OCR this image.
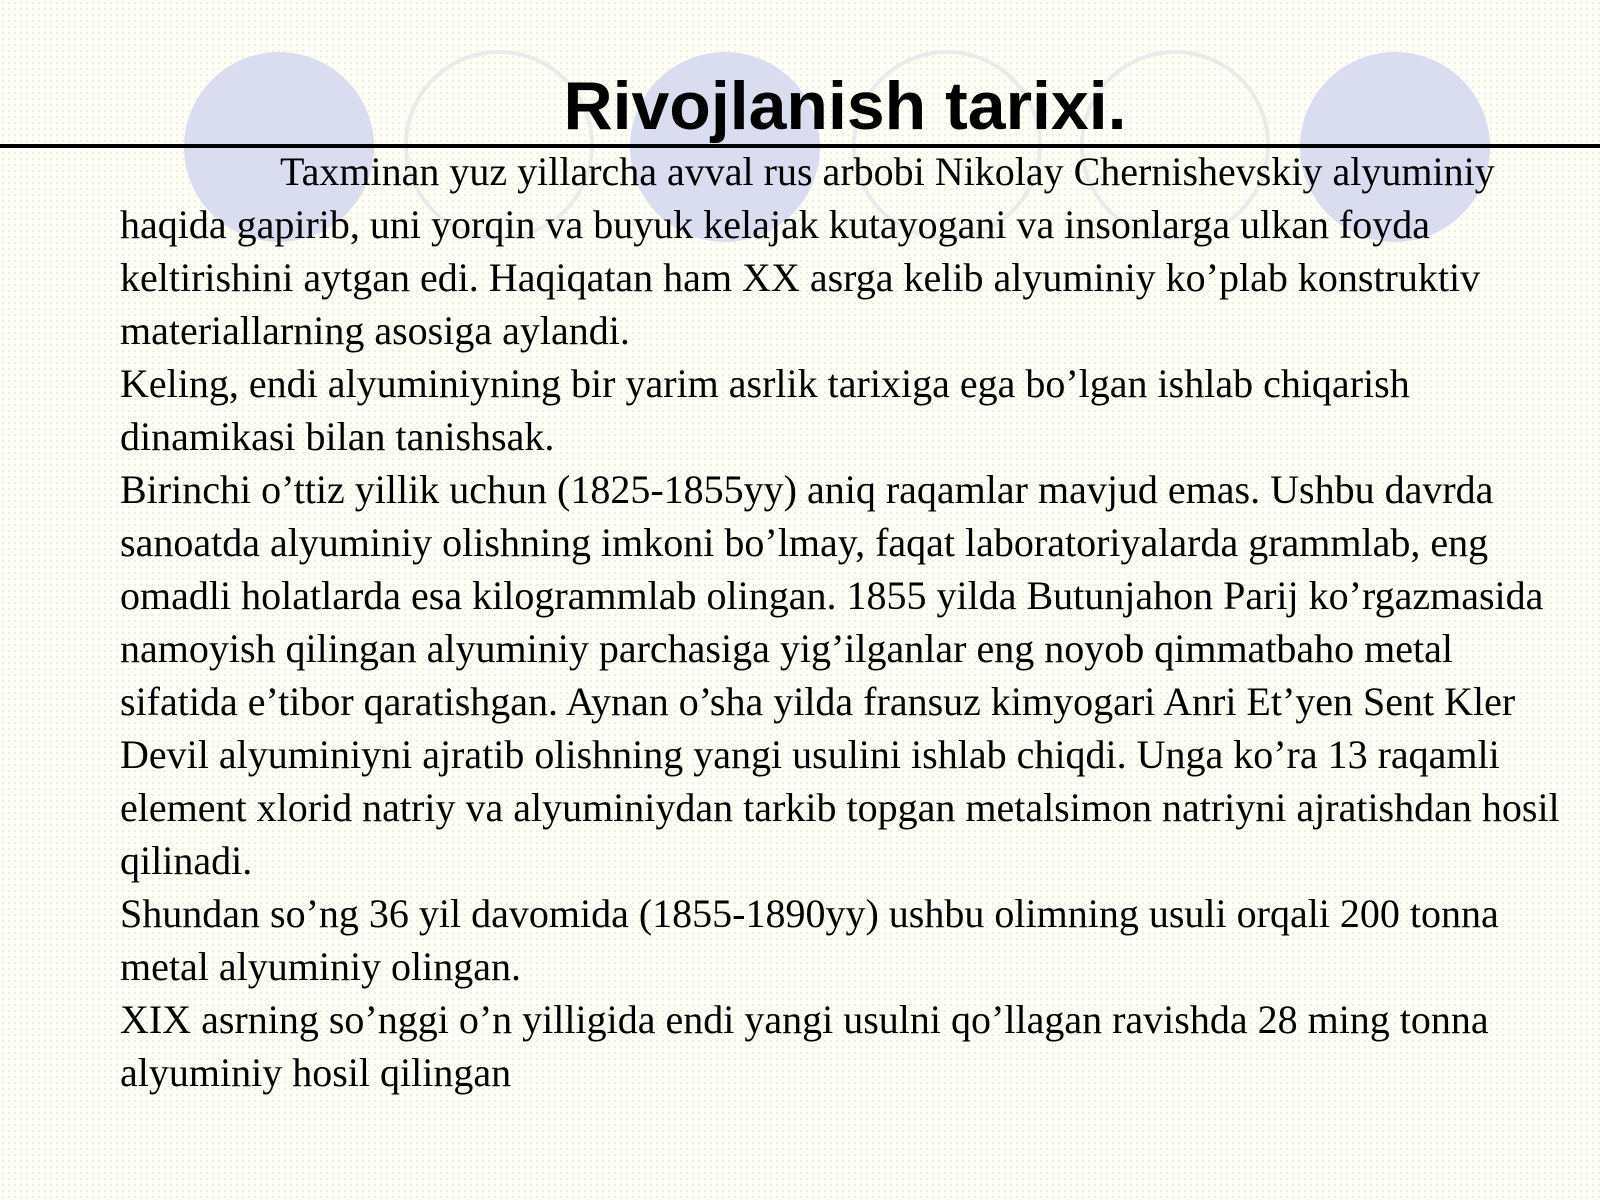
Rivojlanish tarixi.

Taxminan yuz yillarcha avval rus arbobi Nikolay Chernishevskiy alyuminiy haqida gapirib, uni yorqin va buyuk kelajak kutayogani va insonlarga ulkan foyda keltirishini aytgan edi. Haqiqatan ham XX asrga kelib alyuminiy ko’plab konstruktiv materiallarning asosiga aylandi.

Keling, endi alyuminiyning bir yarim asrlik tarixiga ega bo’lgan ishlab chiqarish dinamikasi bilan tanishsak.

Birinchi o’ttiz yillik uchun (1825-1855yy) aniq raqamlar mavjud emas. Ushbu davrda sanoatda alyuminiy olishning imkoni bo’lmay, faqat laboratoriyalarda grammlab, eng omadli holatlarda esa kilogrammlab olingan. 1855 yilda Butunjahon Parij ko’rgazmasida namoyish qilingan alyuminiy parchasiga yig’ilganlar eng noyob qimmatbaho metal sifatida e’tibor qaratishgan. Aynan o’sha yilda fransuz kimyogari Anri Et’yen Sent Kler Devil alyuminiyni ajratib olishning yangi usulini ishlab chiqdi. Unga ko’ra 13 raqamli element xlorid natriy va alyuminiydan tarkib topgan metalsimon natriyni ajratishdan hosil qilinadi.

Shundan so’ng 36 yil davomida (1855-1890yy) ushbu olimning usuli orqali 200 tonna metal alyuminiy olingan.

XIX asrning so’nggi o’n yilligida endi yangi usulni qo’llagan ravishda 28 ming tonna alyuminiy hosil qilingan
